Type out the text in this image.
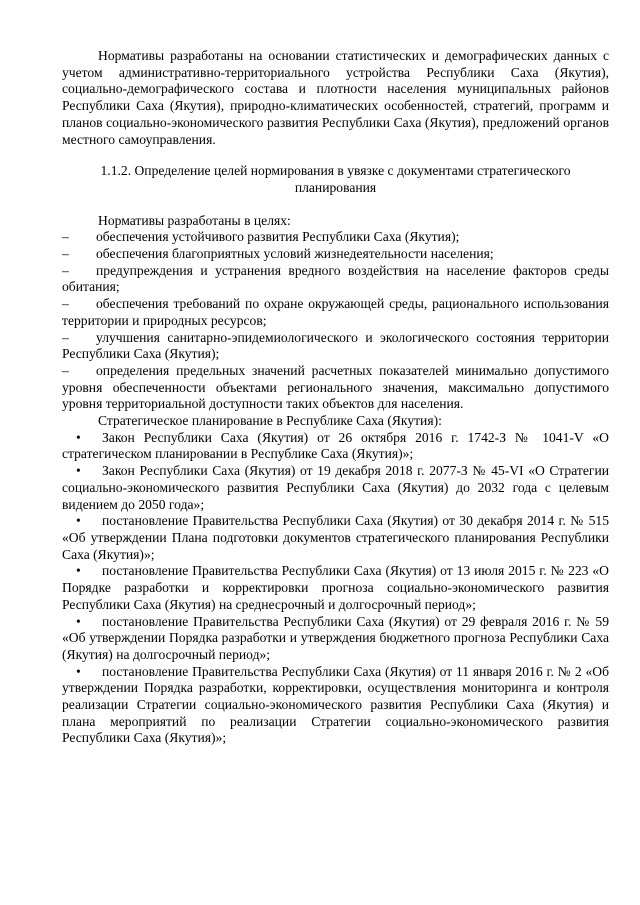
Нормативы разработаны на основании статистических и демографических данных с учетом административно-территориального устройства Республики Саха (Якутия), социально-демографического состава и плотности населения муниципальных районов Республики Саха (Якутия), природно-климатических особенностей, стратегий, программ и планов социально-экономического развития Республики Саха (Якутия), предложений органов местного самоуправления.

1.1.2. Определение целей нормирования в увязке с документами стратегического планирования

Нормативы разработаны в целях:

– обеспечения устойчивого развития Республики Саха (Якутия);

– обеспечения благоприятных условий жизнедеятельности населения;

– предупреждения и устранения вредного воздействия на население факторов среды обитания;

– обеспечения требований по охране окружающей среды, рационального использования территории и природных ресурсов;

– улучшения санитарно-эпидемиологического и экологического состояния территории Республики Саха (Якутия);

– определения предельных значений расчетных показателей минимально допустимого уровня обеспеченности объектами регионального значения, максимально допустимого уровня территориальной доступности таких объектов для населения.

Стратегическое планирование в Республике Саха (Якутия):

• Закон Республики Саха (Якутия) от 26 октября 2016 г. 1742-З № 1041-V «О стратегическом планировании в Республике Саха (Якутия)»;

• Закон Республики Саха (Якутия) от 19 декабря 2018 г. 2077-З № 45-VI «О Стратегии социально-экономического развития Республики Саха (Якутия) до 2032 года с целевым видением до 2050 года»;

• постановление Правительства Республики Саха (Якутия) от 30 декабря 2014 г. № 515 «Об утверждении Плана подготовки документов стратегического планирования Республики Саха (Якутия)»;

• постановление Правительства Республики Саха (Якутия) от 13 июля 2015 г. № 223 «О Порядке разработки и корректировки прогноза социально-экономического развития Республики Саха (Якутия) на среднесрочный и долгосрочный период»;

• постановление Правительства Республики Саха (Якутия) от 29 февраля 2016 г. № 59 «Об утверждении Порядка разработки и утверждения бюджетного прогноза Республики Саха (Якутия) на долгосрочный период»;

• постановление Правительства Республики Саха (Якутия) от 11 января 2016 г. № 2 «Об утверждении Порядка разработки, корректировки, осуществления мониторинга и контроля реализации Стратегии социально-экономического развития Республики Саха (Якутия) и плана мероприятий по реализации Стратегии социально-экономического развития Республики Саха (Якутия)»;
